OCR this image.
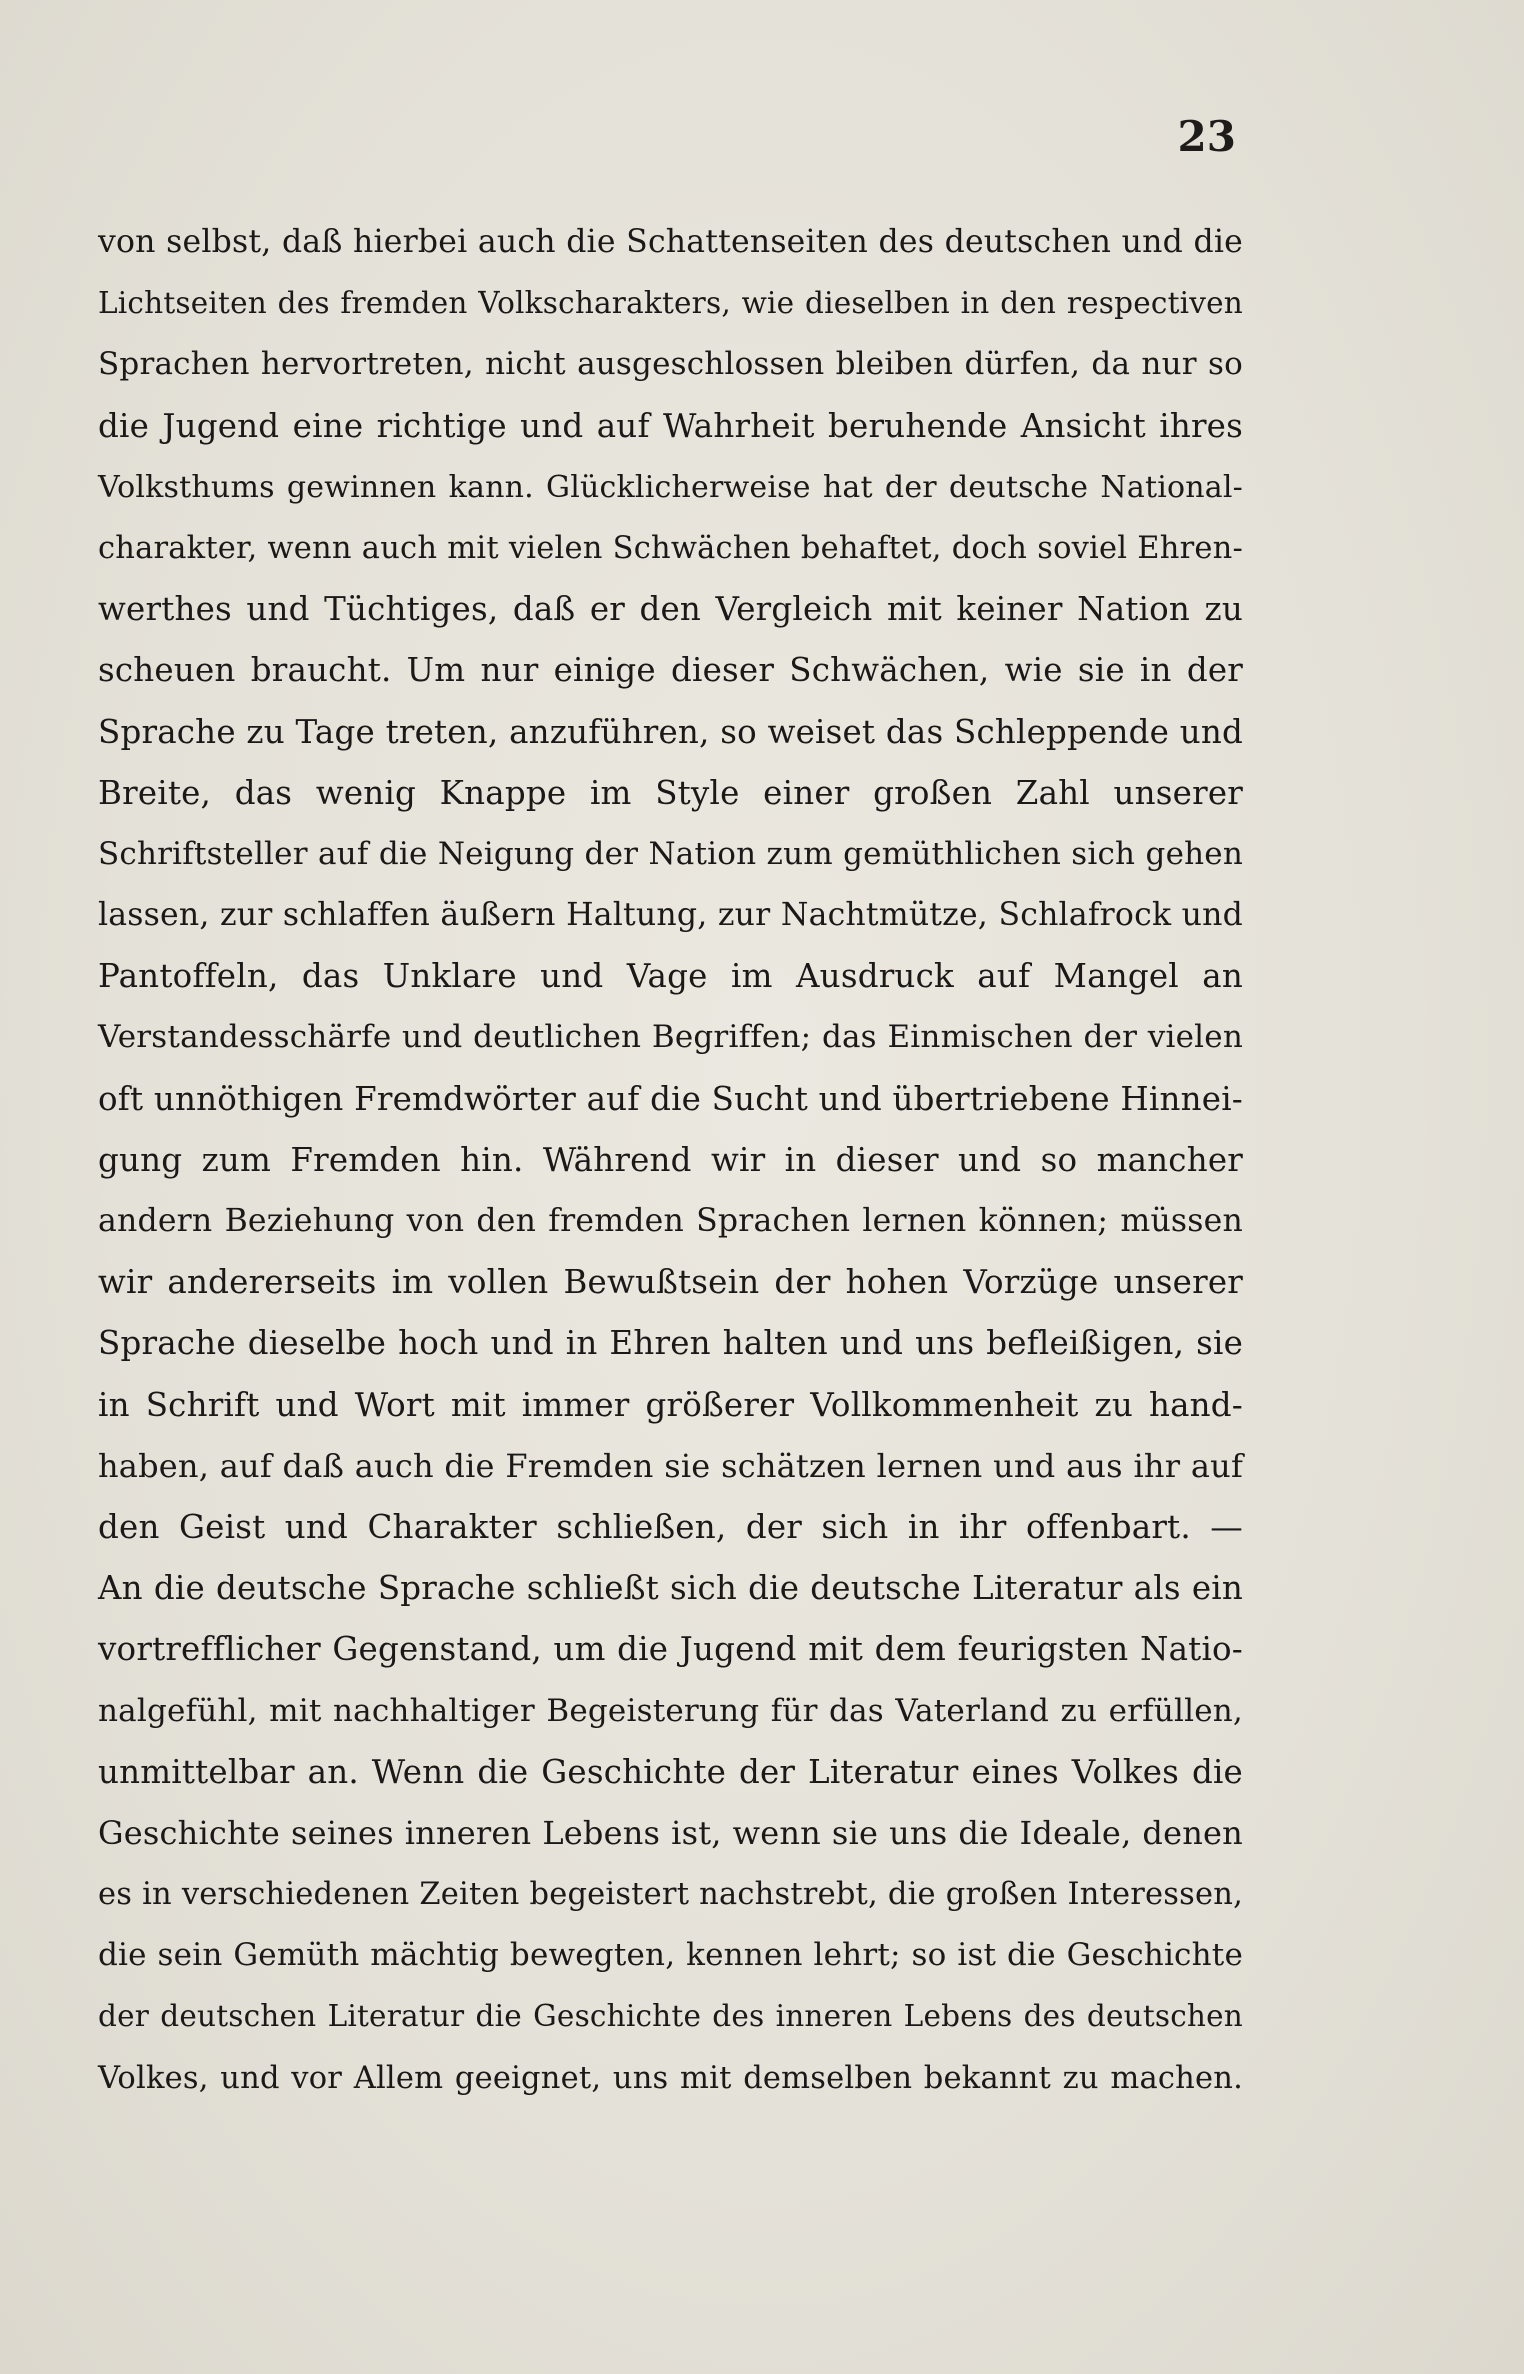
23
von selbst, daß hierbei auch die Schattenseiten des deutschen und die
Lichtseiten des fremden Volkscharakters, wie dieselben in den respectiven
Sprachen hervortreten, nicht ausgeschlossen bleiben dürfen, da nur so
die Jugend eine richtige und auf Wahrheit beruhende Ansicht ihres
Volksthums gewinnen kann. Glücklicherweise hat der deutsche National-
charakter, wenn auch mit vielen Schwächen behaftet, doch soviel Ehren-
werthes und Tüchtiges, daß er den Vergleich mit keiner Nation zu
scheuen braucht. Um nur einige dieser Schwächen, wie sie in der
Sprache zu Tage treten, anzuführen, so weiset das Schleppende und
Breite, das wenig Knappe im Style einer großen Zahl unserer
Schriftsteller auf die Neigung der Nation zum gemüthlichen sich gehen
lassen, zur schlaffen äußern Haltung, zur Nachtmütze, Schlafrock und
Pantoffeln, das Unklare und Vage im Ausdruck auf Mangel an
Verstandesschärfe und deutlichen Begriffen; das Einmischen der vielen
oft unnöthigen Fremdwörter auf die Sucht und übertriebene Hinnei-
gung zum Fremden hin. Während wir in dieser und so mancher
andern Beziehung von den fremden Sprachen lernen können; müssen
wir andererseits im vollen Bewußtsein der hohen Vorzüge unserer
Sprache dieselbe hoch und in Ehren halten und uns befleißigen, sie
in Schrift und Wort mit immer größerer Vollkommenheit zu hand-
haben, auf daß auch die Fremden sie schätzen lernen und aus ihr auf
den Geist und Charakter schließen, der sich in ihr offenbart. —
An die deutsche Sprache schließt sich die deutsche Literatur als ein
vortrefflicher Gegenstand, um die Jugend mit dem feurigsten Natio-
nalgefühl, mit nachhaltiger Begeisterung für das Vaterland zu erfüllen,
unmittelbar an. Wenn die Geschichte der Literatur eines Volkes die
Geschichte seines inneren Lebens ist, wenn sie uns die Ideale, denen
es in verschiedenen Zeiten begeistert nachstrebt, die großen Interessen,
die sein Gemüth mächtig bewegten, kennen lehrt; so ist die Geschichte
der deutschen Literatur die Geschichte des inneren Lebens des deutschen
Volkes, und vor Allem geeignet, uns mit demselben bekannt zu machen.
